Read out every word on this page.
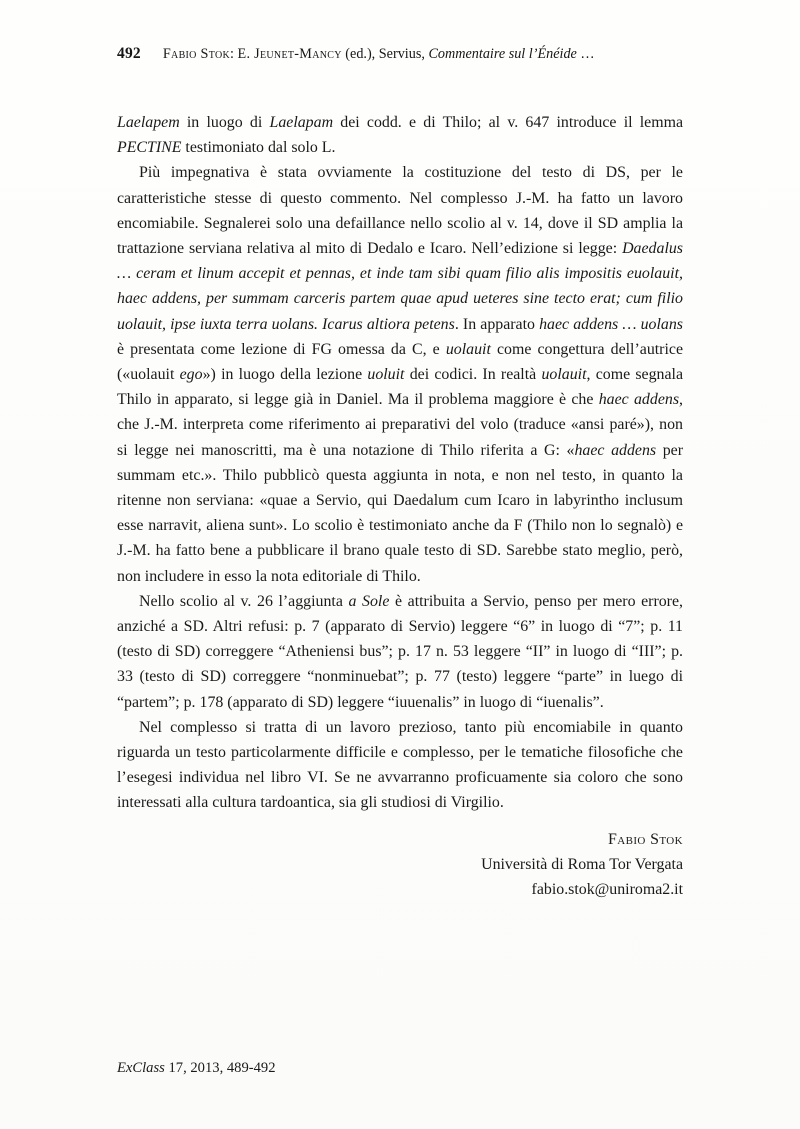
492 Fabio Stok: E. Jeunet-Mancy (ed.), Servius, Commentaire sul l’Énéide …

Laelapem in luogo di Laelapam dei codd. e di Thilo; al v. 647 introduce il lemma PECTINE testimoniato dal solo L.

Più impegnativa è stata ovviamente la costituzione del testo di DS, per le caratteristiche stesse di questo commento. Nel complesso J.-M. ha fatto un lavoro encomiabile. Segnalerei solo una defaillance nello scolio al v. 14, dove il SD amplia la trattazione serviana relativa al mito di Dedalo e Icaro. Nell’edizione si legge: Daedalus … ceram et linum accepit et pennas, et inde tam sibi quam filio alis impositis euolauit, haec addens, per summam carceris partem quae apud ueteres sine tecto erat; cum filio uolauit, ipse iuxta terra uolans. Icarus altiora petens. In apparato haec addens … uolans è presentata come lezione di FG omessa da C, e uolauit come congettura dell’autrice («uolauit ego») in luogo della lezione uoluit dei codici. In realtà uolauit, come segnala Thilo in apparato, si legge già in Daniel. Ma il problema maggiore è che haec addens, che J.-M. interpreta come riferimento ai preparativi del volo (traduce «ansi paré»), non si legge nei manoscritti, ma è una notazione di Thilo riferita a G: «haec addens per summam etc.». Thilo pubblicò questa aggiunta in nota, e non nel testo, in quanto la ritenne non serviana: «quae a Servio, qui Daedalum cum Icaro in labyrintho inclusum esse narravit, aliena sunt». Lo scolio è testimoniato anche da F (Thilo non lo segnalò) e J.-M. ha fatto bene a pubblicare il brano quale testo di SD. Sarebbe stato meglio, però, non includere in esso la nota editoriale di Thilo.

Nello scolio al v. 26 l’aggiunta a Sole è attribuita a Servio, penso per mero errore, anziché a SD. Altri refusi: p. 7 (apparato di Servio) leggere “6” in luogo di “7”; p. 11 (testo di SD) correggere “Atheniensi bus”; p. 17 n. 53 leggere “II” in luogo di “III”; p. 33 (testo di SD) correggere “nonminuebat”; p. 77 (testo) leggere “parte” in luego di “partem”; p. 178 (apparato di SD) leggere “iuuenalis” in luogo di “iuenalis”.

Nel complesso si tratta di un lavoro prezioso, tanto più encomiabile in quanto riguarda un testo particolarmente difficile e complesso, per le tematiche filosofiche che l’esegesi individua nel libro VI. Se ne avvarranno proficuamente sia coloro che sono interessati alla cultura tardoantica, sia gli studiosi di Virgilio.

Fabio Stok
Università di Roma Tor Vergata
fabio.stok@uniroma2.it
ExClass 17, 2013, 489-492
